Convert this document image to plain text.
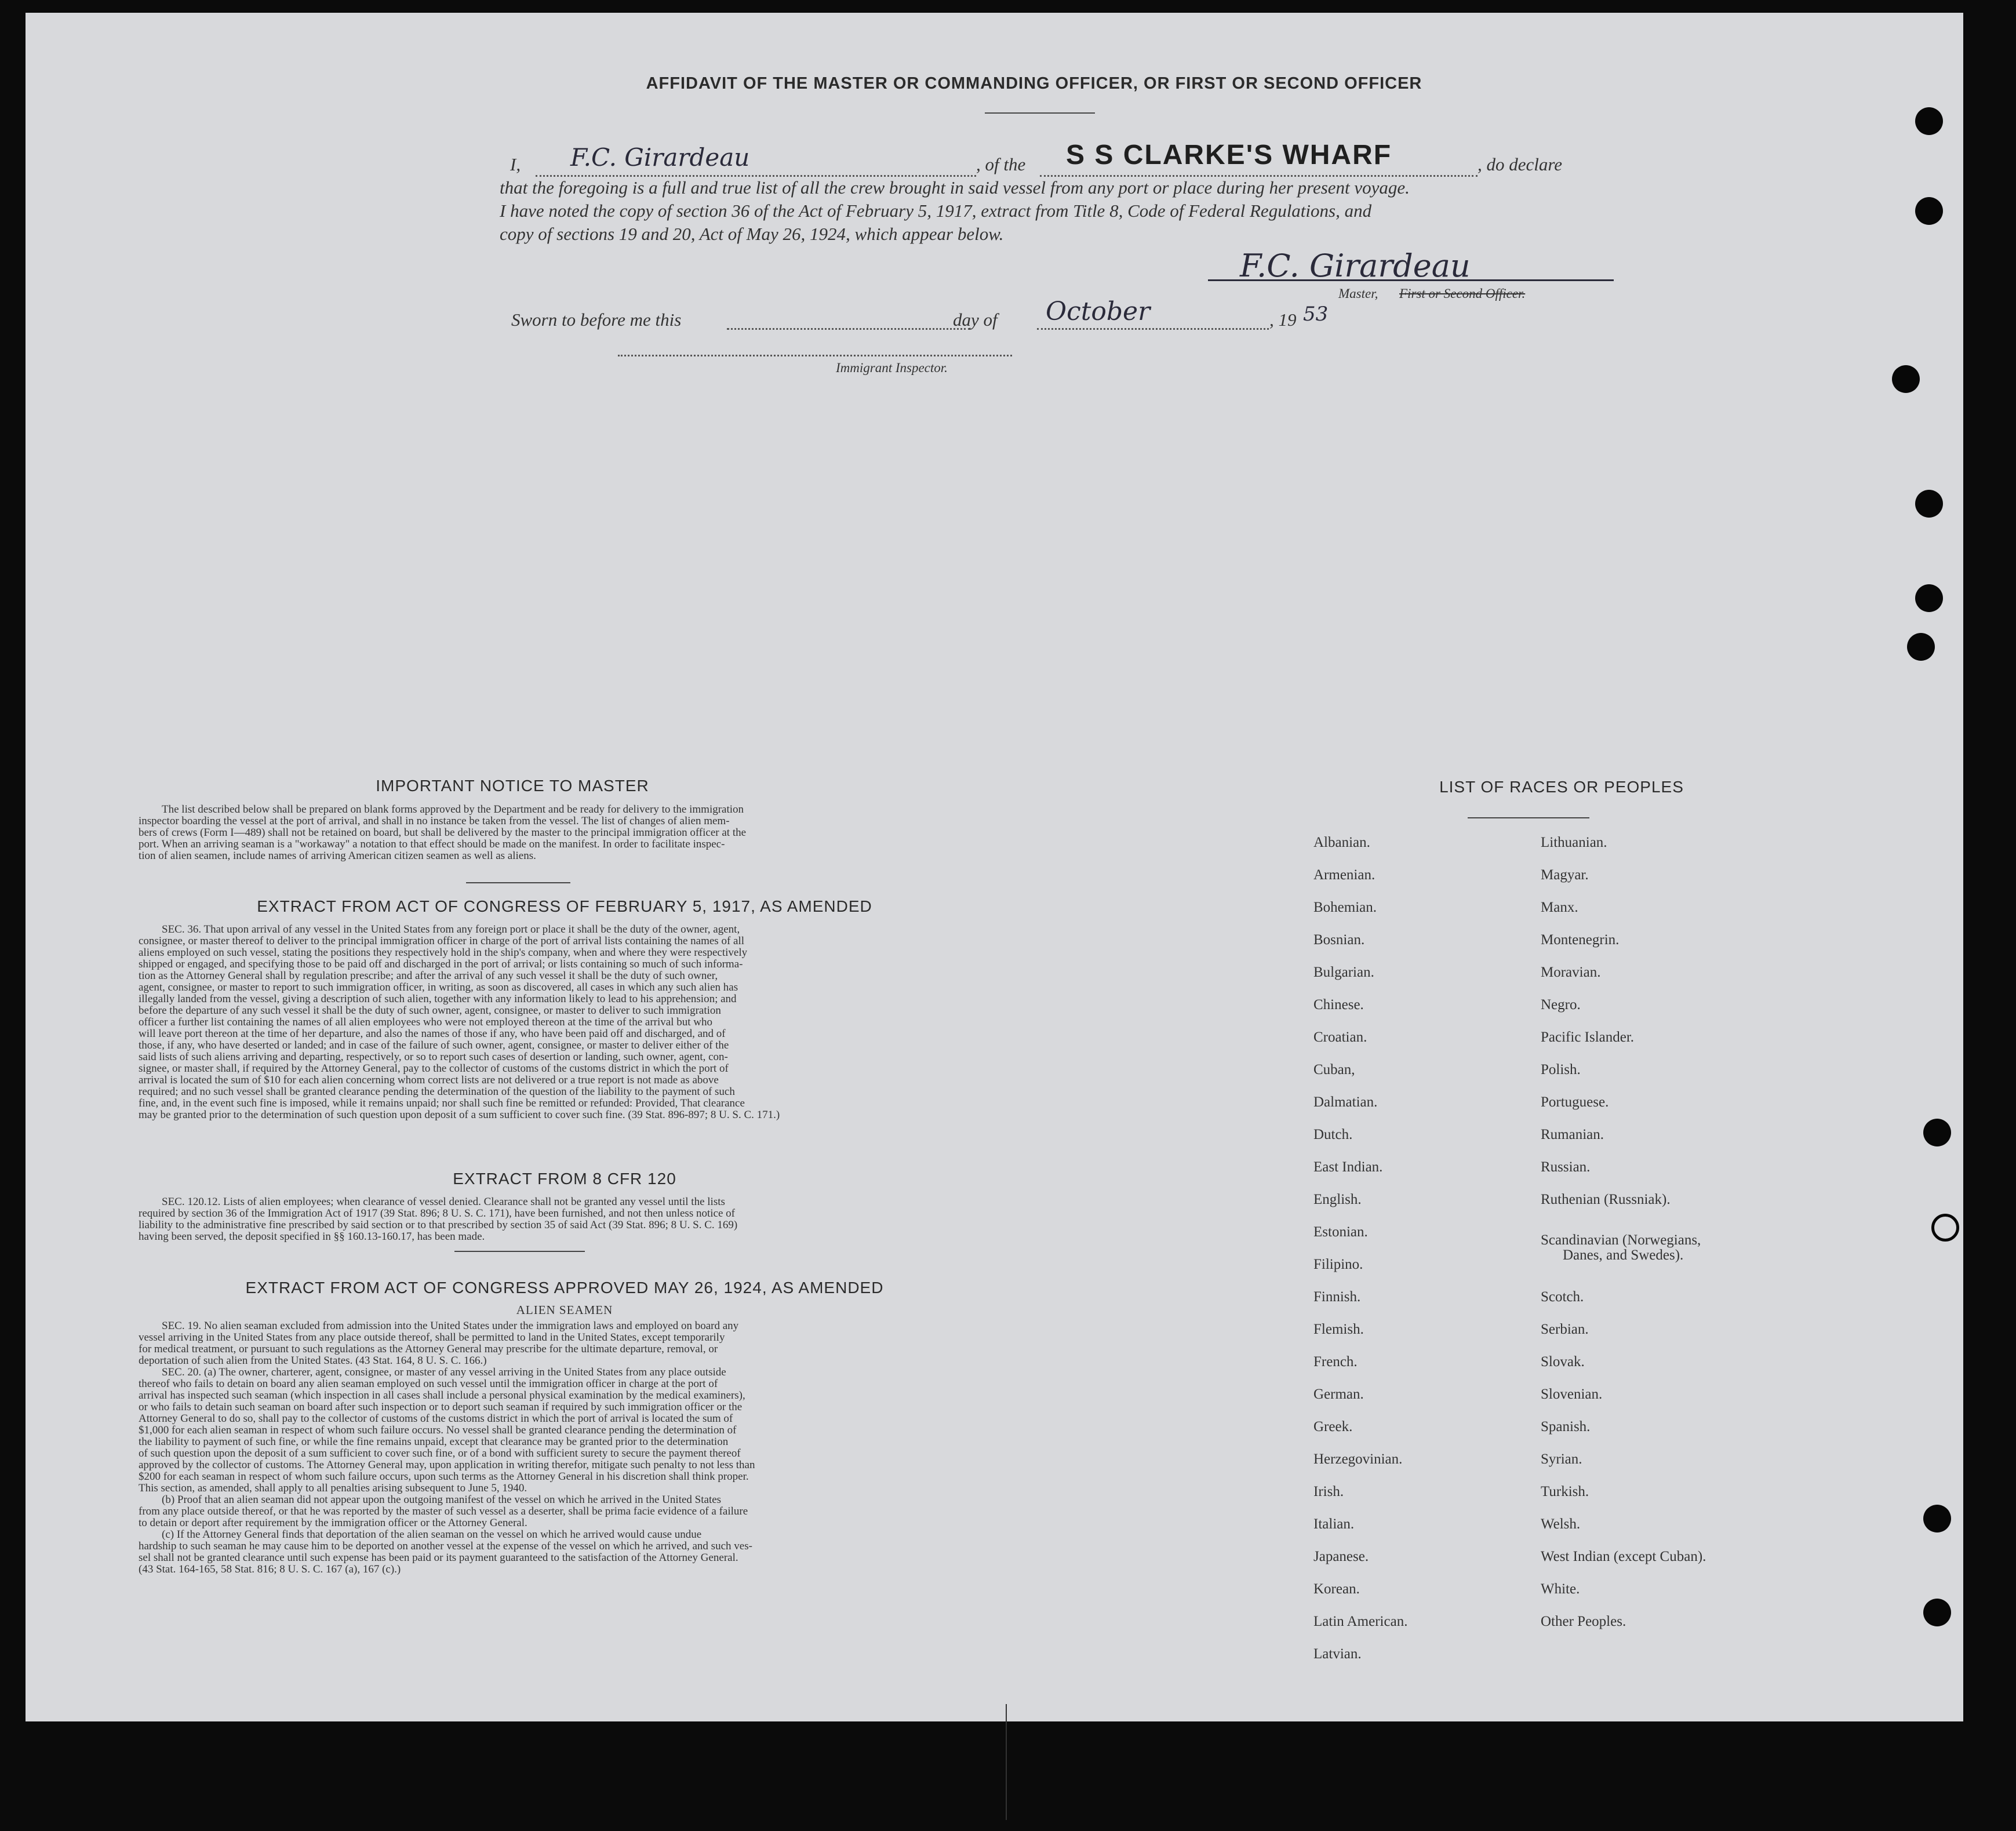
AFFIDAVIT OF THE MASTER OR COMMANDING OFFICER, OR FIRST OR SECOND OFFICER
I, F.C. Girardeau	, of the S S CLARKE'S WHARF	, do declare
that the foregoing is a full and true list of all the crew brought in said vessel from any port or place during her present voyage.
I have noted the copy of section 36 of the Act of February 5, 1917, extract from Title 8, Code of Federal Regulations, and
copy of sections 19 and 20, Act of May 26, 1924, which appear below.
F.C. Girardeau
Master, First or Second Officer.
Sworn to before me this	day of October	, 19 53
Immigrant Inspector.
IMPORTANT NOTICE TO MASTER
The list described below shall be prepared on blank forms approved by the Department and be ready for delivery to the immigration
inspector boarding the vessel at the port of arrival, and shall in no instance be taken from the vessel. The list of changes of alien mem-
bers of crews (Form I—489) shall not be retained on board, but shall be delivered by the master to the principal immigration officer at the
port. When an arriving seaman is a "workaway" a notation to that effect should be made on the manifest. In order to facilitate inspec-
tion of alien seamen, include names of arriving American citizen seamen as well as aliens.
EXTRACT FROM ACT OF CONGRESS OF FEBRUARY 5, 1917, AS AMENDED
SEC. 36. That upon arrival of any vessel in the United States from any foreign port or place it shall be the duty of the owner, agent,
consignee, or master thereof to deliver to the principal immigration officer in charge of the port of arrival lists containing the names of all
aliens employed on such vessel, stating the positions they respectively hold in the ship's company, when and where they were respectively
shipped or engaged, and specifying those to be paid off and discharged in the port of arrival; or lists containing so much of such informa-
tion as the Attorney General shall by regulation prescribe; and after the arrival of any such vessel it shall be the duty of such owner,
agent, consignee, or master to report to such immigration officer, in writing, as soon as discovered, all cases in which any such alien has
illegally landed from the vessel, giving a description of such alien, together with any information likely to lead to his apprehension; and
before the departure of any such vessel it shall be the duty of such owner, agent, consignee, or master to deliver to such immigration
officer a further list containing the names of all alien employees who were not employed thereon at the time of the arrival but who
will leave port thereon at the time of her departure, and also the names of those if any, who have been paid off and discharged, and of
those, if any, who have deserted or landed; and in case of the failure of such owner, agent, consignee, or master to deliver either of the
said lists of such aliens arriving and departing, respectively, or so to report such cases of desertion or landing, such owner, agent, con-
signee, or master shall, if required by the Attorney General, pay to the collector of customs of the customs district in which the port of
arrival is located the sum of $10 for each alien concerning whom correct lists are not delivered or a true report is not made as above
required; and no such vessel shall be granted clearance pending the determination of the question of the liability to the payment of such
fine, and, in the event such fine is imposed, while it remains unpaid; nor shall such fine be remitted or refunded: Provided, That clearance
may be granted prior to the determination of such question upon deposit of a sum sufficient to cover such fine. (39 Stat. 896-897; 8 U. S. C. 171.)
EXTRACT FROM 8 CFR 120
SEC. 120.12. Lists of alien employees; when clearance of vessel denied. Clearance shall not be granted any vessel until the lists
required by section 36 of the Immigration Act of 1917 (39 Stat. 896; 8 U. S. C. 171), have been furnished, and not then unless notice of
liability to the administrative fine prescribed by said section or to that prescribed by section 35 of said Act (39 Stat. 896; 8 U. S. C. 169)
having been served, the deposit specified in §§ 160.13-160.17, has been made.
EXTRACT FROM ACT OF CONGRESS APPROVED MAY 26, 1924, AS AMENDED
ALIEN SEAMEN
SEC. 19. No alien seaman excluded from admission into the United States under the immigration laws and employed on board any
vessel arriving in the United States from any place outside thereof, shall be permitted to land in the United States, except temporarily
for medical treatment, or pursuant to such regulations as the Attorney General may prescribe for the ultimate departure, removal, or
deportation of such alien from the United States. (43 Stat. 164, 8 U. S. C. 166.)
SEC. 20. (a) The owner, charterer, agent, consignee, or master of any vessel arriving in the United States from any place outside
thereof who fails to detain on board any alien seaman employed on such vessel until the immigration officer in charge at the port of
arrival has inspected such seaman (which inspection in all cases shall include a personal physical examination by the medical examiners),
or who fails to detain such seaman on board after such inspection or to deport such seaman if required by such immigration officer or the
Attorney General to do so, shall pay to the collector of customs of the customs district in which the port of arrival is located the sum of
$1,000 for each alien seaman in respect of whom such failure occurs. No vessel shall be granted clearance pending the determination of
the liability to payment of such fine, or while the fine remains unpaid, except that clearance may be granted prior to the determination
of such question upon the deposit of a sum sufficient to cover such fine, or of a bond with sufficient surety to secure the payment thereof
approved by the collector of customs. The Attorney General may, upon application in writing therefor, mitigate such penalty to not less than
$200 for each seaman in respect of whom such failure occurs, upon such terms as the Attorney General in his discretion shall think proper.
This section, as amended, shall apply to all penalties arising subsequent to June 5, 1940.
(b) Proof that an alien seaman did not appear upon the outgoing manifest of the vessel on which he arrived in the United States
from any place outside thereof, or that he was reported by the master of such vessel as a deserter, shall be prima facie evidence of a failure
to detain or deport after requirement by the immigration officer or the Attorney General.
(c) If the Attorney General finds that deportation of the alien seaman on the vessel on which he arrived would cause undue
hardship to such seaman he may cause him to be deported on another vessel at the expense of the vessel on which he arrived, and such ves-
sel shall not be granted clearance until such expense has been paid or its payment guaranteed to the satisfaction of the Attorney General.
(43 Stat. 164-165, 58 Stat. 816; 8 U. S. C. 167 (a), 167 (c).)
LIST OF RACES OR PEOPLES
Albanian.
Armenian.
Bohemian.
Bosnian.
Bulgarian.
Chinese.
Croatian.
Cuban,
Dalmatian.
Dutch.
East Indian.
English.
Estonian.
Filipino.
Finnish.
Flemish.
French.
German.
Greek.
Herzegovinian.
Irish.
Italian.
Japanese.
Korean.
Latin American.
Latvian.
Lithuanian.
Magyar.
Manx.
Montenegrin.
Moravian.
Negro.
Pacific Islander.
Polish.
Portuguese.
Rumanian.
Russian.
Ruthenian (Russniak).
Scandinavian (Norwegians,
Danes, and Swedes).
Scotch.
Serbian.
Slovak.
Slovenian.
Spanish.
Syrian.
Turkish.
Welsh.
West Indian (except Cuban).
White.
Other Peoples.
